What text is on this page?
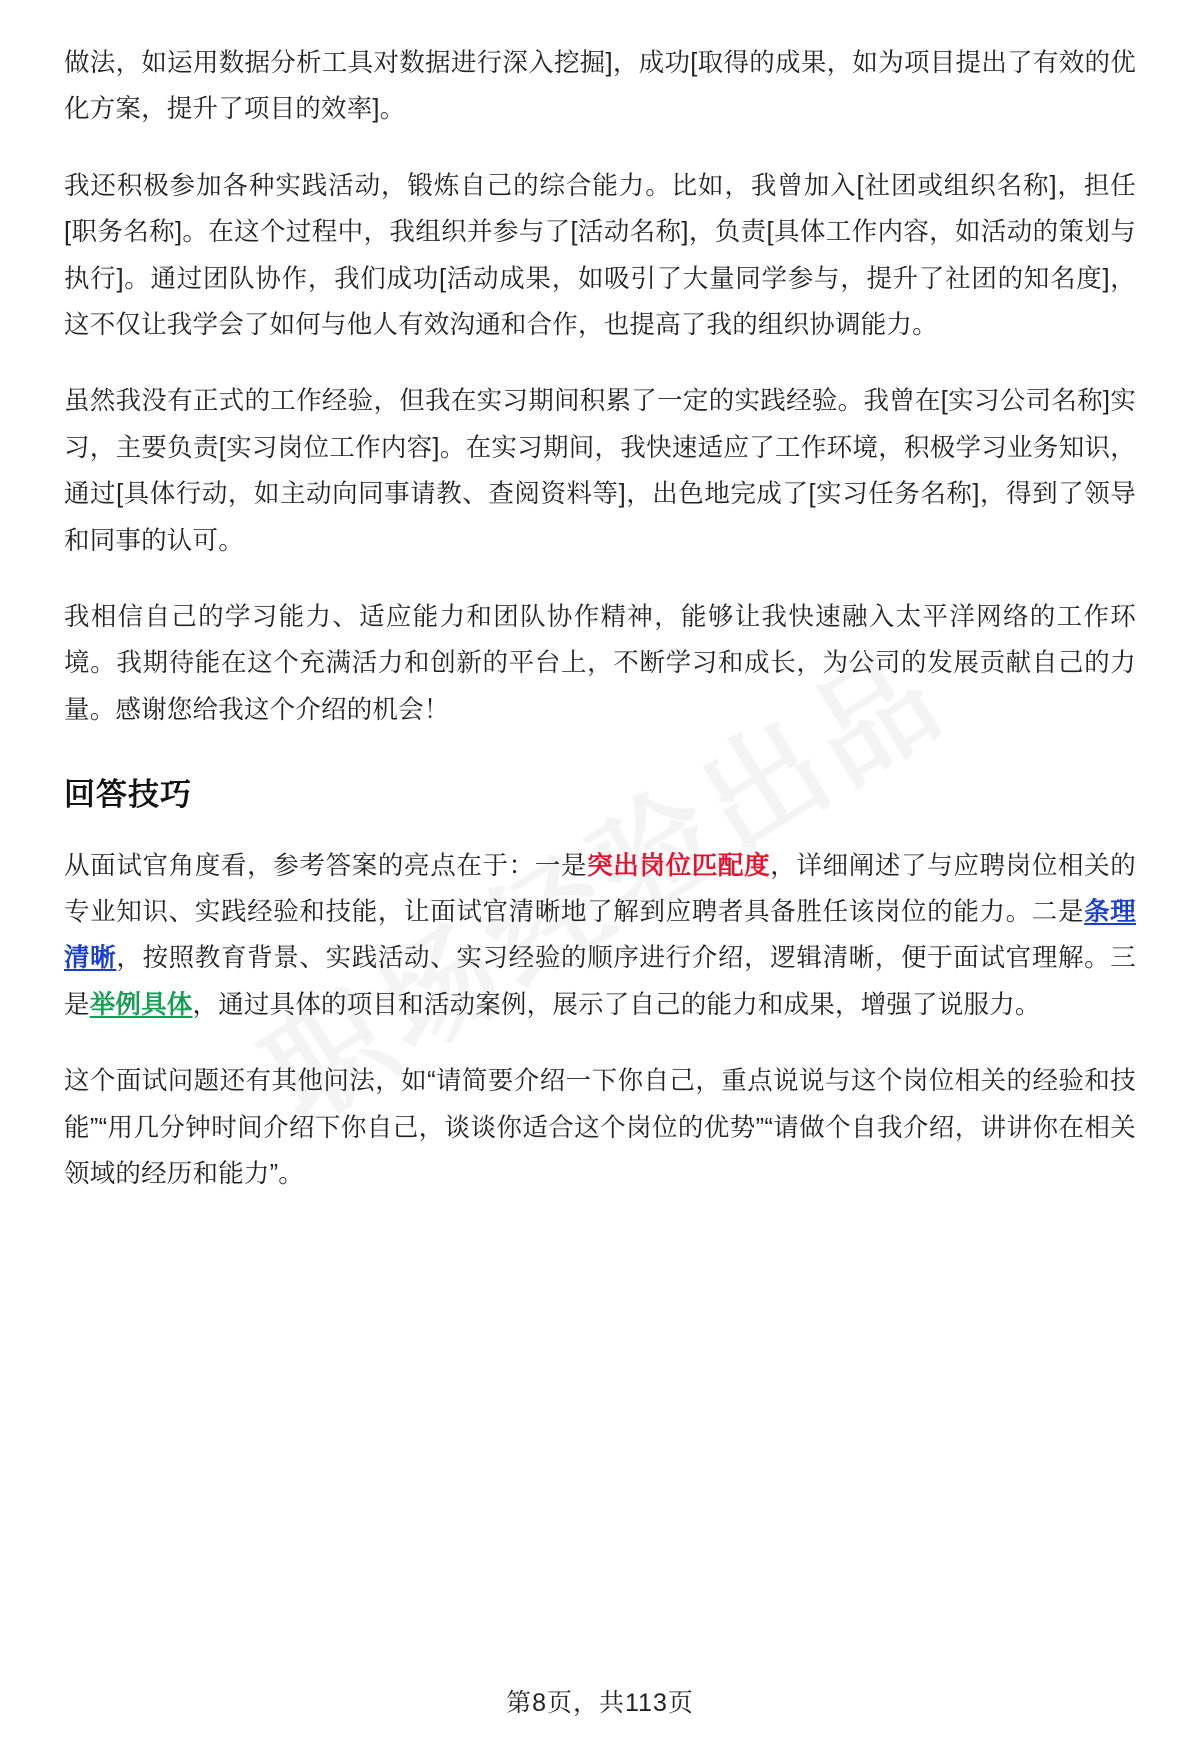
做法，如运用数据分析工具对数据进行深入挖掘]，成功[取得的成果，如为项目提出了有效的优化方案，提升了项目的效率]。

我还积极参加各种实践活动，锻炼自己的综合能力。比如，我曾加入[社团或组织名称]，担任[职务名称]。在这个过程中，我组织并参与了[活动名称]，负责[具体工作内容，如活动的策划与执行]。通过团队协作，我们成功[活动成果，如吸引了大量同学参与，提升了社团的知名度]，这不仅让我学会了如何与他人有效沟通和合作，也提高了我的组织协调能力。

虽然我没有正式的工作经验，但我在实习期间积累了一定的实践经验。我曾在[实习公司名称]实习，主要负责[实习岗位工作内容]。在实习期间，我快速适应了工作环境，积极学习业务知识，通过[具体行动，如主动向同事请教、查阅资料等]，出色地完成了[实习任务名称]，得到了领导和同事的认可。

我相信自己的学习能力、适应能力和团队协作精神，能够让我快速融入太平洋网络的工作环境。我期待能在这个充满活力和创新的平台上，不断学习和成长，为公司的发展贡献自己的力量。感谢您给我这个介绍的机会！

回答技巧

从面试官角度看，参考答案的亮点在于：一是突出岗位匹配度，详细阐述了与应聘岗位相关的专业知识、实践经验和技能，让面试官清晰地了解到应聘者具备胜任该岗位的能力。二是条理清晰，按照教育背景、实践活动、实习经验的顺序进行介绍，逻辑清晰，便于面试官理解。三是举例具体，通过具体的项目和活动案例，展示了自己的能力和成果，增强了说服力。

这个面试问题还有其他问法，如“请简要介绍一下你自己，重点说说与这个岗位相关的经验和技能”“用几分钟时间介绍下你自己，谈谈你适合这个岗位的优势”“请做个自我介绍，讲讲你在相关领域的经历和能力”。

第8页，共113页
